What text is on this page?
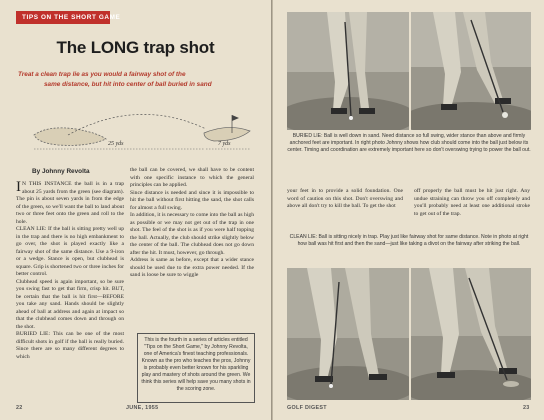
TIPS ON THE SHORT GAME
The LONG trap shot
Treat a clean trap lie as you would a fairway shot of the
same distance, but hit into center of ball buried in sand
25 yds	7 yds
By Johnny Revolta

I N THIS INSTANCE the ball is in a trap about 25 yards from the green (see diagram). The pin is about seven yards in from the edge of the green, so we'll want the ball to land about two or three feet onto the green and roll to the hole.

CLEAN LIE: If the ball is sitting pretty well up in the trap and there is no high embankment to go over, the shot is played exactly like a fairway shot of the same distance. Use a 9-iron or a wedge. Stance is open, but clubhead is square. Grip is shortened two or three inches for better control.

Clubhead speed is again important, so be sure you swing fast to get that firm, crisp hit. BUT, be certain that the ball is hit first—BEFORE you take any sand. Hands should be slightly ahead of ball at address and again at impact so that the clubhead comes down and through on the shot.

BURIED LIE: This can be one of the most difficult shots in golf if the ball is really buried. Since there are so many different degrees to which

the ball can be covered, we shall have to be content with one specific instance to which the general principles can be applied.

Since distance is needed and since it is impossible to hit the ball without first hitting the sand, the shot calls for almost a full swing.

In addition, it is necessary to come into the ball as high as possible or we may not get out of the trap in one shot. The feel of the shot is as if you were half topping the ball. Actually, the club should strike slightly below the center of the ball. The clubhead does not go down after the hit. It must, however, go through.

Address is same as before, except that a wider stance should be used due to the extra power needed. If the sand is loose be sure to wiggle

This is the fourth in a series of articles entitled "Tips on the Short Game," by Johnny Revolta, one of America's finest teaching professionals. Known as the pro who teaches the pros, Johnny is probably even better known for his sparkling play and mastery of shots around the green. We think this series will help save you many shots in the scoring zone.
22	JUNE, 1955
BURIED LIE: Ball is well down in sand. Need distance so full swing, wider stance than above and firmly anchored feet are important. In right photo Johnny shows how club should come into the ball just below its center. Timing and coordination are extremely important here so don't overswing trying to power the ball out.
your feet in to provide a solid foundation. One word of caution on this shot. Don't overswing and above all don't try to kill the ball. To get the shot
off properly the ball must be hit just right. Any undue straining can throw you off completely and you'll probably need at least one additional stroke to get out of the trap.
CLEAN LIE: Ball is sitting nicely in trap. Play just like fairway shot for same distance. Note in photo at right how ball was hit first and then the sand—just like taking a divot on the fairway after striking the ball.
GOLF DIGEST	23
